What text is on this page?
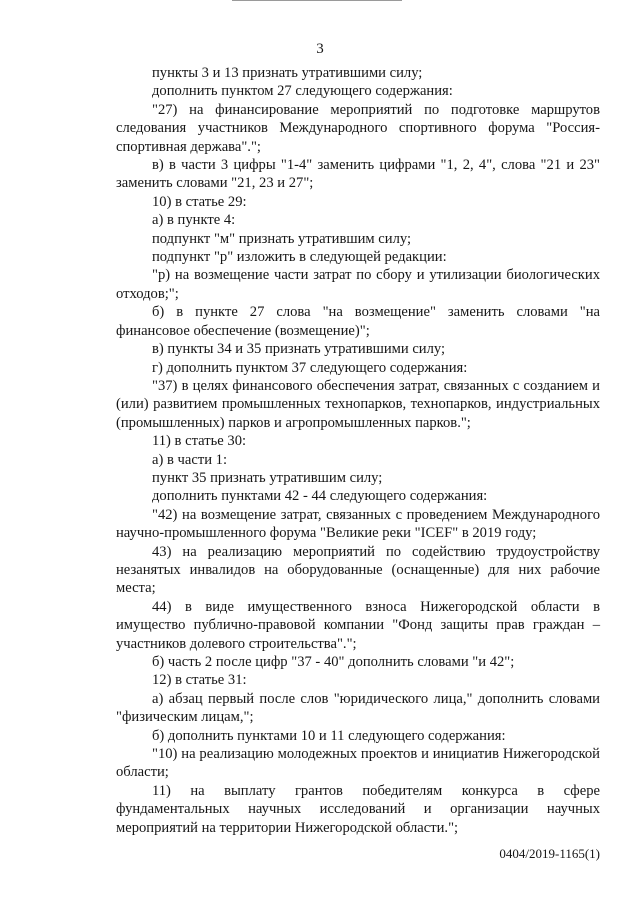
3

пункты 3 и 13 признать утратившими силу;

дополнить пунктом 27 следующего содержания:

"27) на финансирование мероприятий по подготовке маршрутов следования участников Международного спортивного форума "Россия-спортивная держава".";

в) в части 3 цифры "1-4" заменить цифрами "1, 2, 4", слова "21 и 23" заменить словами "21, 23 и 27";

10) в статье 29:

а) в пункте 4:

подпункт "м" признать утратившим силу;

подпункт "р" изложить в следующей редакции:

"р) на возмещение части затрат по сбору и утилизации биологических отходов;";

б) в пункте 27 слова "на возмещение" заменить словами "на финансовое обеспечение (возмещение)";

в) пункты 34 и 35 признать утратившими силу;

г) дополнить пунктом 37 следующего содержания:

"37) в целях финансового обеспечения затрат, связанных с созданием и (или) развитием промышленных технопарков, технопарков, индустриальных (промышленных) парков и агропромышленных парков.";

11) в статье 30:

а) в части 1:

пункт 35 признать утратившим силу;

дополнить пунктами 42 - 44 следующего содержания:

"42) на возмещение затрат, связанных с проведением Международного научно-промышленного форума "Великие реки "ICEF" в 2019 году;

43) на реализацию мероприятий по содействию трудоустройству незанятых инвалидов на оборудованные (оснащенные) для них рабочие места;

44) в виде имущественного взноса Нижегородской области в имущество публично-правовой компании "Фонд защиты прав граждан – участников долевого строительства".";

б) часть 2 после цифр "37 - 40" дополнить словами "и 42";

12) в статье 31:

а) абзац первый после слов "юридического лица," дополнить словами "физическим лицам,";

б) дополнить пунктами 10 и 11 следующего содержания:

"10) на реализацию молодежных проектов и инициатив Нижегородской области;

11) на выплату грантов победителям конкурса в сфере фундаментальных научных исследований и организации научных мероприятий на территории Нижегородской области.";

0404/2019-1165(1)
